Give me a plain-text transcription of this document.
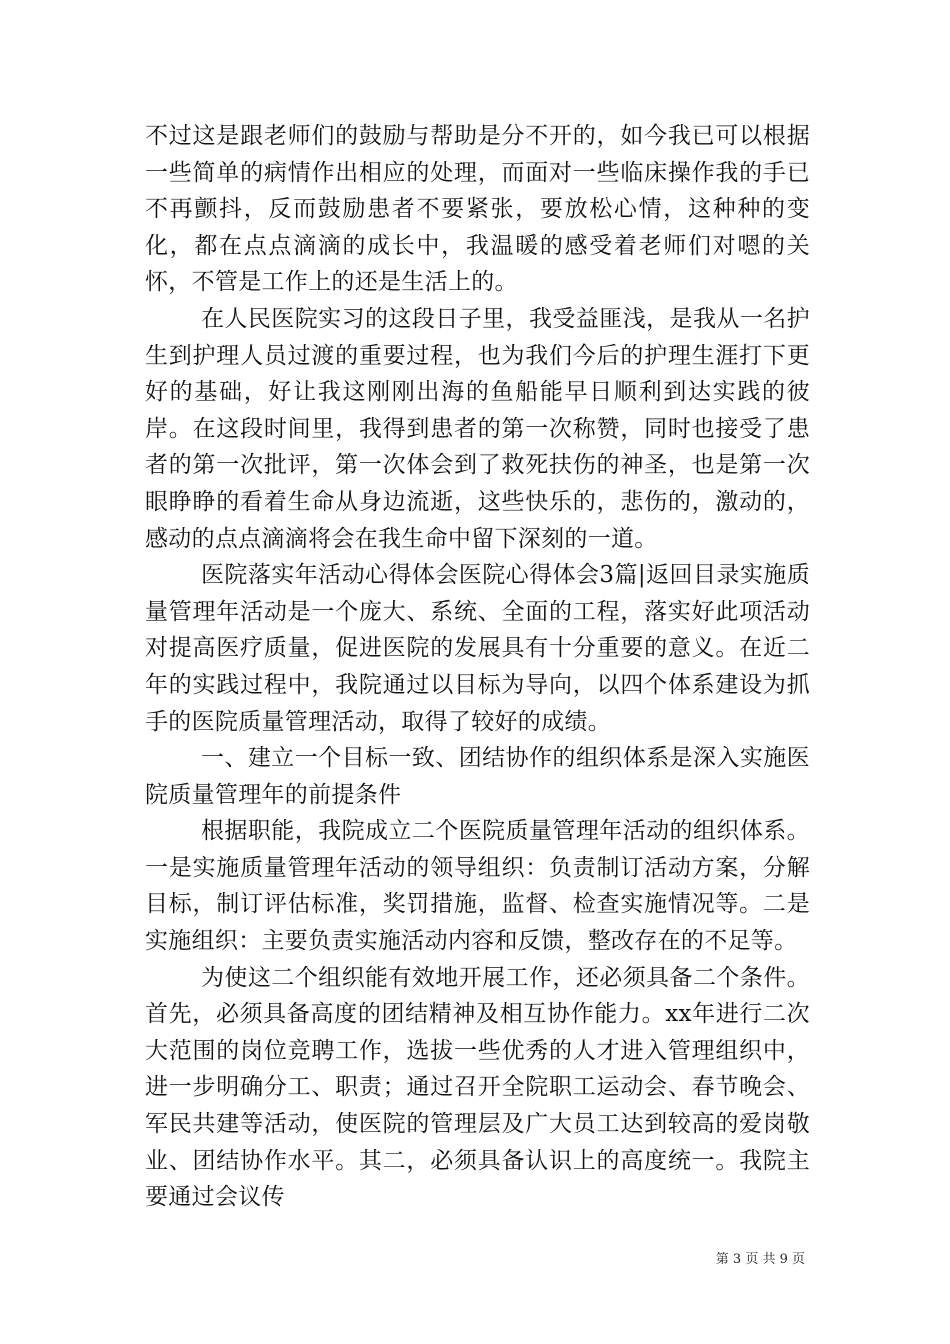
不过这是跟老师们的鼓励与帮助是分不开的，如今我已可以根据一些简单的病情作出相应的处理，而面对一些临床操作我的手已不再颤抖，反而鼓励患者不要紧张，要放松心情，这种种的变化，都在点点滴滴的成长中，我温暖的感受着老师们对嗯的关怀，不管是工作上的还是生活上的。

在人民医院实习的这段日子里，我受益匪浅，是我从一名护生到护理人员过渡的重要过程，也为我们今后的护理生涯打下更好的基础，好让我这刚刚出海的鱼船能早日顺利到达实践的彼岸。在这段时间里，我得到患者的第一次称赞，同时也接受了患者的第一次批评，第一次体会到了救死扶伤的神圣，也是第一次眼睁睁的看着生命从身边流逝，这些快乐的，悲伤的，激动的，感动的点点滴滴将会在我生命中留下深刻的一道。

医院落实年活动心得体会医院心得体会3篇|返回目录实施质量管理年活动是一个庞大、系统、全面的工程，落实好此项活动对提高医疗质量，促进医院的发展具有十分重要的意义。在近二年的实践过程中，我院通过以目标为导向，以四个体系建设为抓手的医院质量管理活动，取得了较好的成绩。

一、建立一个目标一致、团结协作的组织体系是深入实施医院质量管理年的前提条件

根据职能，我院成立二个医院质量管理年活动的组织体系。一是实施质量管理年活动的领导组织：负责制订活动方案，分解目标，制订评估标准，奖罚措施，监督、检查实施情况等。二是实施组织：主要负责实施活动内容和反馈，整改存在的不足等。

为使这二个组织能有效地开展工作，还必须具备二个条件。首先，必须具备高度的团结精神及相互协作能力。xx年进行二次大范围的岗位竞聘工作，选拔一些优秀的人才进入管理组织中，进一步明确分工、职责；通过召开全院职工运动会、春节晚会、军民共建等活动，使医院的管理层及广大员工达到较高的爱岗敬业、团结协作水平。其二，必须具备认识上的高度统一。我院主要通过会议传

第 3 页 共 9 页
